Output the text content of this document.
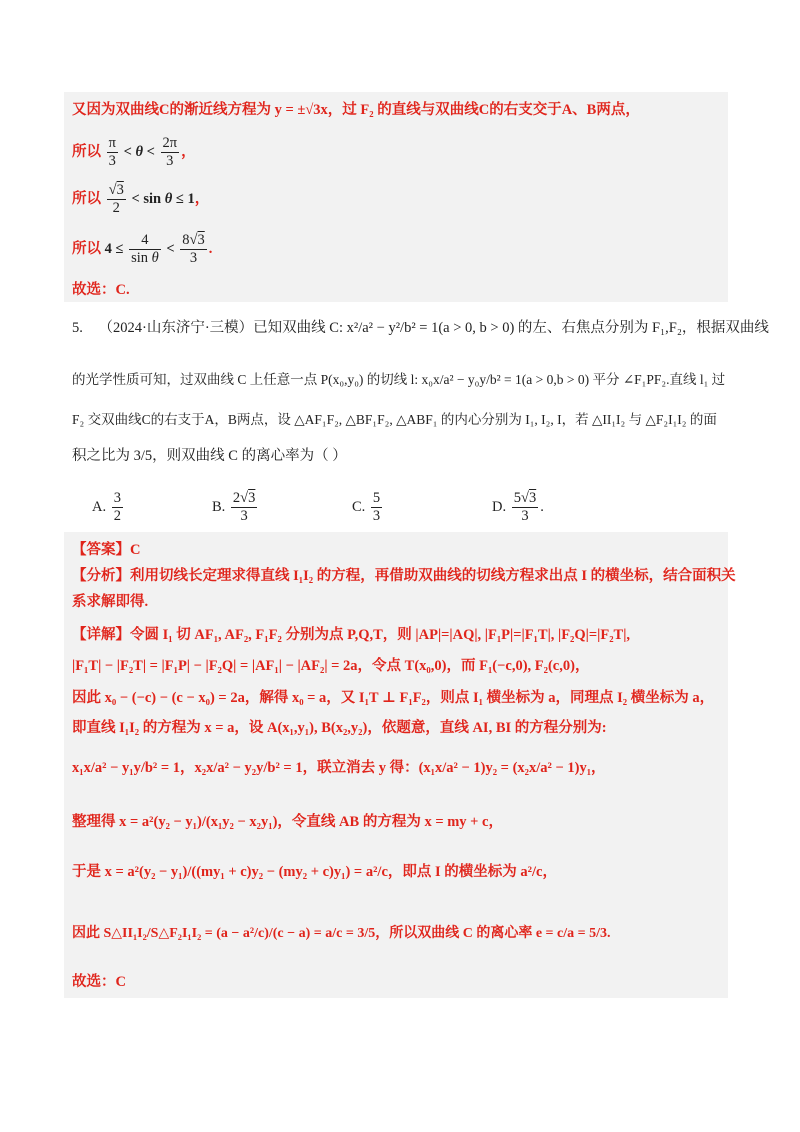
又因为双曲线C的渐近线方程为 y = ±√3x，过 F₂ 的直线与双曲线C的右支交于A、B两点，
所以 $\frac{\pi}{3} < \theta < \frac{2\pi}{3}$ ，
所以 $\frac{√3}{2} < \sin \theta \le 1$，
所以 $4 \le \frac{4}{\text{sin θ}} < \frac{8√3}{3}$ .
故选：C.
5. （2024·山东济宁·三模）已知双曲线 C: x²/a² − y²/b² = 1(a > 0, b > 0) 的左、右焦点分别为 F₁,F₂，根据双曲线
的光学性质可知，过双曲线 C 上任意一点 P(x₀,y₀) 的切线 l: x₀x/a² − y₀y/b² = 1(a > 0,b > 0) 平分 ∠F₁PF₂.直线 l₁ 过
F₂ 交双曲线C的右支于A，B两点，设 △AF₁F₂, △BF₁F₂, △ABF₁ 的内心分别为 I₁, I₂, I，若 △II₁I₂ 与 △F₂I₁I₂ 的面
积之比为 3/5，则双曲线 C 的离心率为（ ）
A. $\frac{3}{2}$	B. $\frac{2√3}{3}$	C. $\frac{5}{3}$	D. $\frac{5√3}{3}$ .
【答案】C
【分析】利用切线长定理求得直线 I₁I₂ 的方程，再借助双曲线的切线方程求出点 I 的横坐标，结合面积关
系求解即得.
【详解】令圆 I₁ 切 AF₁, AF₂, F₁F₂ 分别为点 P,Q,T，则 |AP|=|AQ|, |F₁P|=|F₁T|, |F₂Q|=|F₂T|,
|F₁T| − |F₂T| = |F₁P| − |F₂Q| = |AF₁| − |AF₂| = 2a，令点 T(x₀,0)，而 F₁(−c,0), F₂(c,0)，
因此 x₀ − (−c) − (c − x₀) = 2a，解得 x₀ = a，又 I₁T ⊥ F₁F₂，则点 I₁ 横坐标为 a，同理点 I₂ 横坐标为 a，
即直线 I₁I₂ 的方程为 x = a，设 A(x₁,y₁), B(x₂,y₂)，依题意，直线 AI, BI 的方程分别为:
x₁x/a² − y₁y/b² = 1，x₂x/a² − y₂y/b² = 1，联立消去 y 得：(x₁x/a² − 1)y₂ = (x₂x/a² − 1)y₁，
整理得 x = a²(y₂ − y₁)/(x₁y₂ − x₂y₁)，令直线 AB 的方程为 x = my + c，
于是 x = a²(y₂ − y₁)/((my₁ + c)y₂ − (my₂ + c)y₁) = a²/c，即点 I 的横坐标为 a²/c，
因此 S△II₁I₂/S△F₂I₁I₂ = (a − a²/c)/(c − a) = a/c = 3/5，所以双曲线 C 的离心率 e = c/a = 5/3.
故选：C
